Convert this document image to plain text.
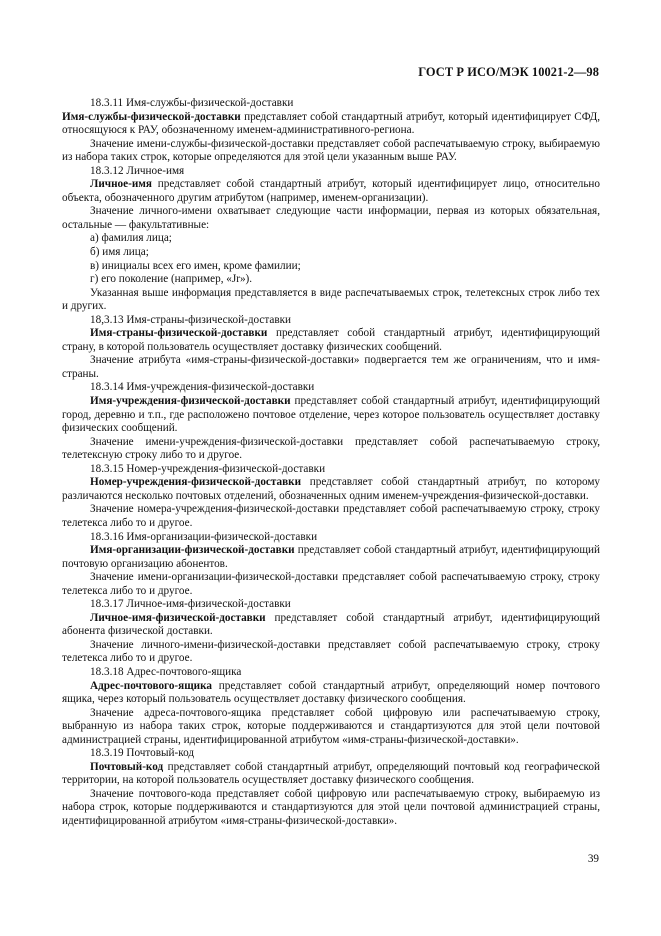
ГОСТ Р ИСО/МЭК 10021-2—98

18.3.11 Имя-службы-физической-доставки

Имя-службы-физической-доставки представляет собой стандартный атрибут, который идентифицирует СФД, относящуюся к РАУ, обозначенному именем-административного-региона.

Значение имени-службы-физической-доставки представляет собой распечатываемую строку, выбираемую из набора таких строк, которые определяются для этой цели указанным выше РАУ.

18.3.12 Личное-имя

Личное-имя представляет собой стандартный атрибут, который идентифицирует лицо, относительно объекта, обозначенного другим атрибутом (например, именем-организации).

Значение личного-имени охватывает следующие части информации, первая из которых обязательная, остальные — факультативные:

а) фамилия лица;

б) имя лица;

в) инициалы всех его имен, кроме фамилии;

г) его поколение (например, «Jr»).

Указанная выше информация представляется в виде распечатываемых строк, телетексных строк либо тех и других.

18,3.13 Имя-страны-физической-доставки

Имя-страны-физической-доставки представляет собой стандартный атрибут, идентифицирующий страну, в которой пользователь осуществляет доставку физических сообщений.

Значение атрибута «имя-страны-физической-доставки» подвергается тем же ограничениям, что и имя-страны.

18.3.14 Имя-учреждения-физической-доставки

Имя-учреждения-физической-доставки представляет собой стандартный атрибут, идентифицирующий город, деревню и т.п., где расположено почтовое отделение, через которое пользователь осуществляет доставку физических сообщений.

Значение имени-учреждения-физической-доставки представляет собой распечатываемую строку, телетексную строку либо то и другое.

18.3.15 Номер-учреждения-физической-доставки

Номер-учреждения-физической-доставки представляет собой стандартный атрибут, по которому различаются несколько почтовых отделений, обозначенных одним именем-учреждения-физической-доставки.

Значение номера-учреждения-физической-доставки представляет собой распечатываемую строку, строку телетекса либо то и другое.

18.3.16 Имя-организации-физической-доставки

Имя-организации-физической-доставки представляет собой стандартный атрибут, идентифицирующий почтовую организацию абонентов.

Значение имени-организации-физической-доставки представляет собой распечатываемую строку, строку телетекса либо то и другое.

18.3.17 Личное-имя-физической-доставки

Личное-имя-физической-доставки представляет собой стандартный атрибут, идентифицирующий абонента физической доставки.

Значение личного-имени-физической-доставки представляет собой распечатываемую строку, строку телетекса либо то и другое.

18.3.18 Адрес-почтового-ящика

Адрес-почтового-ящика представляет собой стандартный атрибут, определяющий номер почтового ящика, через который пользователь осуществляет доставку физического сообщения.

Значение адреса-почтового-ящика представляет собой цифровую или распечатываемую строку, выбранную из набора таких строк, которые поддерживаются и стандартизуются для этой цели почтовой администрацией страны, идентифицированной атрибутом «имя-страны-физической-доставки».

18.3.19 Почтовый-код

Почтовый-код представляет собой стандартный атрибут, определяющий почтовый код географической территории, на которой пользователь осуществляет доставку физического сообщения.

Значение почтового-кода представляет собой цифровую или распечатываемую строку, выбираемую из набора строк, которые поддерживаются и стандартизуются для этой цели почтовой администрацией страны, идентифицированной атрибутом «имя-страны-физической-доставки».

39
